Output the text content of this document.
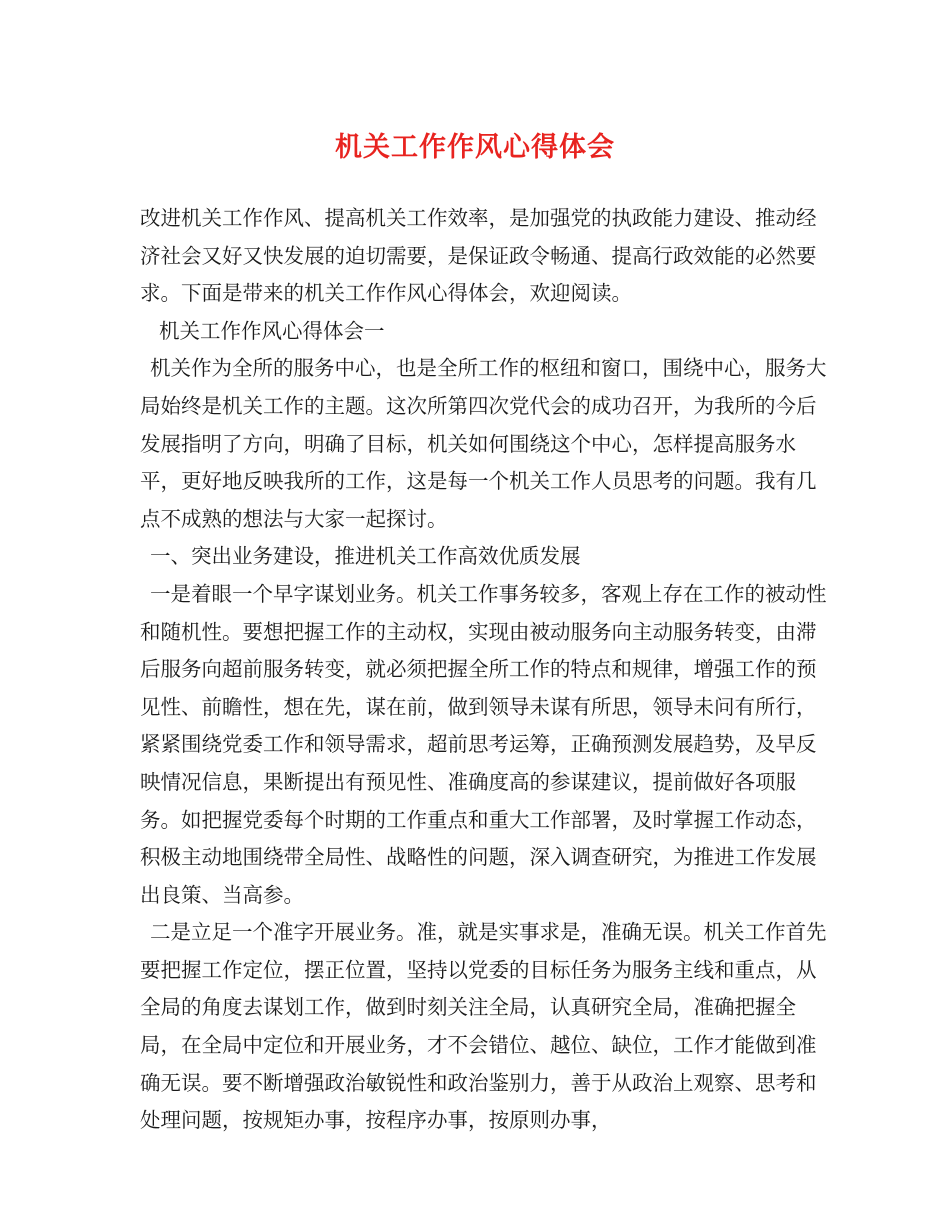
机关工作作风心得体会

改进机关工作作风、提高机关工作效率，是加强党的执政能力建设、推动经济社会又好又快发展的迫切需要，是保证政令畅通、提高行政效能的必然要求。下面是带来的机关工作作风心得体会，欢迎阅读。

机关工作作风心得体会一

机关作为全所的服务中心，也是全所工作的枢纽和窗口，围绕中心，服务大局始终是机关工作的主题。这次所第四次党代会的成功召开，为我所的今后发展指明了方向，明确了目标，机关如何围绕这个中心，怎样提高服务水平，更好地反映我所的工作，这是每一个机关工作人员思考的问题。我有几点不成熟的想法与大家一起探讨。

一、突出业务建设，推进机关工作高效优质发展

一是着眼一个早字谋划业务。机关工作事务较多，客观上存在工作的被动性和随机性。要想把握工作的主动权，实现由被动服务向主动服务转变，由滞后服务向超前服务转变，就必须把握全所工作的特点和规律，增强工作的预见性、前瞻性，想在先，谋在前，做到领导未谋有所思，领导未问有所行，紧紧围绕党委工作和领导需求，超前思考运筹，正确预测发展趋势，及早反映情况信息，果断提出有预见性、准确度高的参谋建议，提前做好各项服务。如把握党委每个时期的工作重点和重大工作部署，及时掌握工作动态，积极主动地围绕带全局性、战略性的问题，深入调查研究，为推进工作发展出良策、当高参。

二是立足一个准字开展业务。准，就是实事求是，准确无误。机关工作首先要把握工作定位，摆正位置，坚持以党委的目标任务为服务主线和重点，从全局的角度去谋划工作，做到时刻关注全局，认真研究全局，准确把握全局，在全局中定位和开展业务，才不会错位、越位、缺位，工作才能做到准确无误。要不断增强政治敏锐性和政治鉴别力，善于从政治上观察、思考和处理问题，按规矩办事，按程序办事，按原则办事，
